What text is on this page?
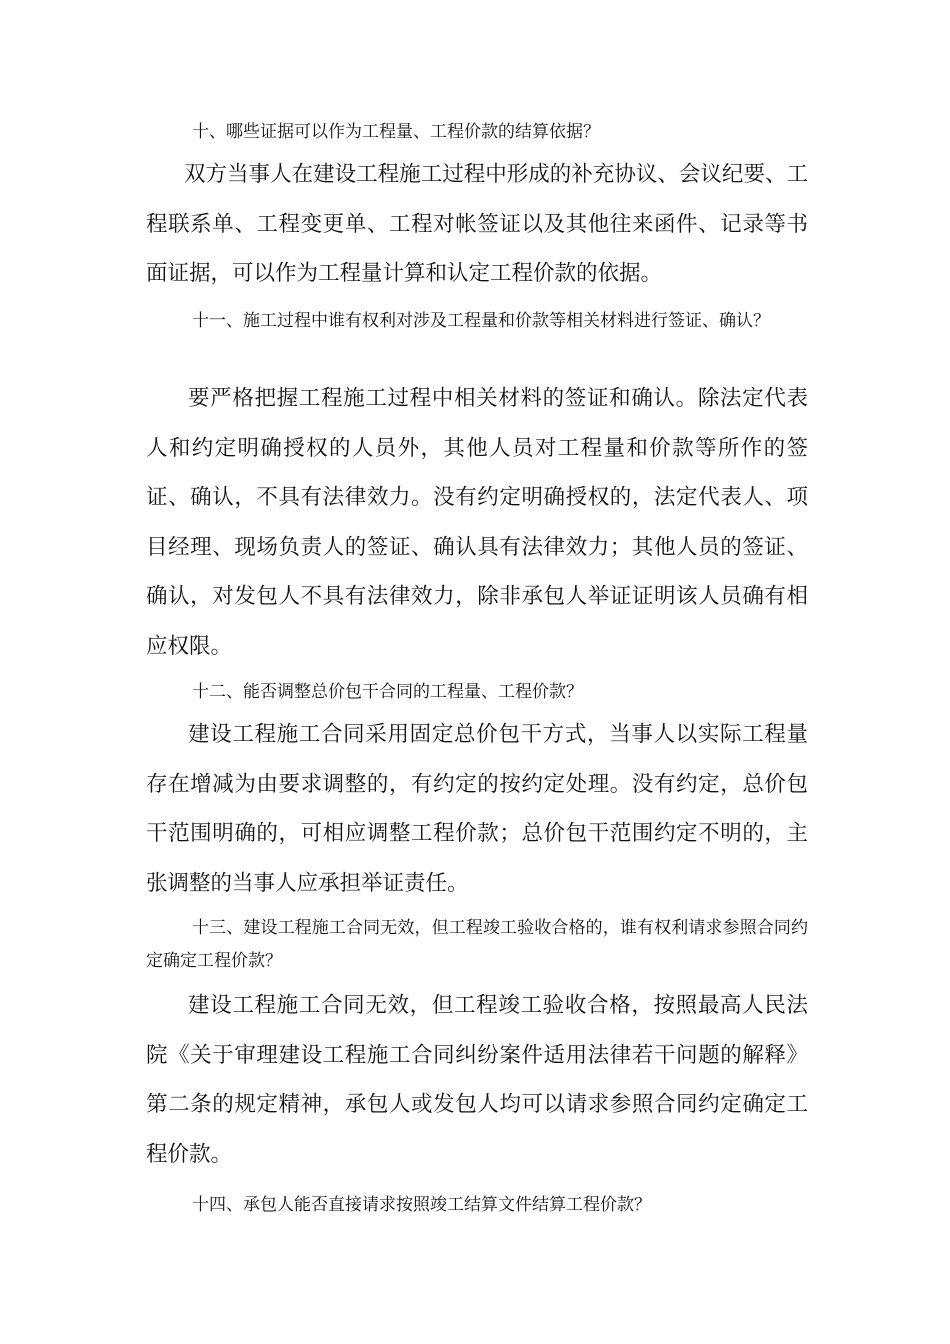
十、哪些证据可以作为工程量、工程价款的结算依据？

双方当事人在建设工程施工过程中形成的补充协议、会议纪要、工程联系单、工程变更单、工程对帐签证以及其他往来函件、记录等书面证据，可以作为工程量计算和认定工程价款的依据。

十一、施工过程中谁有权利对涉及工程量和价款等相关材料进行签证、确认？

要严格把握工程施工过程中相关材料的签证和确认。除法定代表人和约定明确授权的人员外，其他人员对工程量和价款等所作的签证、确认，不具有法律效力。没有约定明确授权的，法定代表人、项目经理、现场负责人的签证、确认具有法律效力；其他人员的签证、确认，对发包人不具有法律效力，除非承包人举证证明该人员确有相应权限。

十二、能否调整总价包干合同的工程量、工程价款？

建设工程施工合同采用固定总价包干方式，当事人以实际工程量存在增减为由要求调整的，有约定的按约定处理。没有约定，总价包干范围明确的，可相应调整工程价款；总价包干范围约定不明的，主张调整的当事人应承担举证责任。

十三、建设工程施工合同无效，但工程竣工验收合格的，谁有权利请求参照合同约定确定工程价款？

建设工程施工合同无效，但工程竣工验收合格，按照最高人民法院《关于审理建设工程施工合同纠纷案件适用法律若干问题的解释》第二条的规定精神，承包人或发包人均可以请求参照合同约定确定工程价款。

十四、承包人能否直接请求按照竣工结算文件结算工程价款？
